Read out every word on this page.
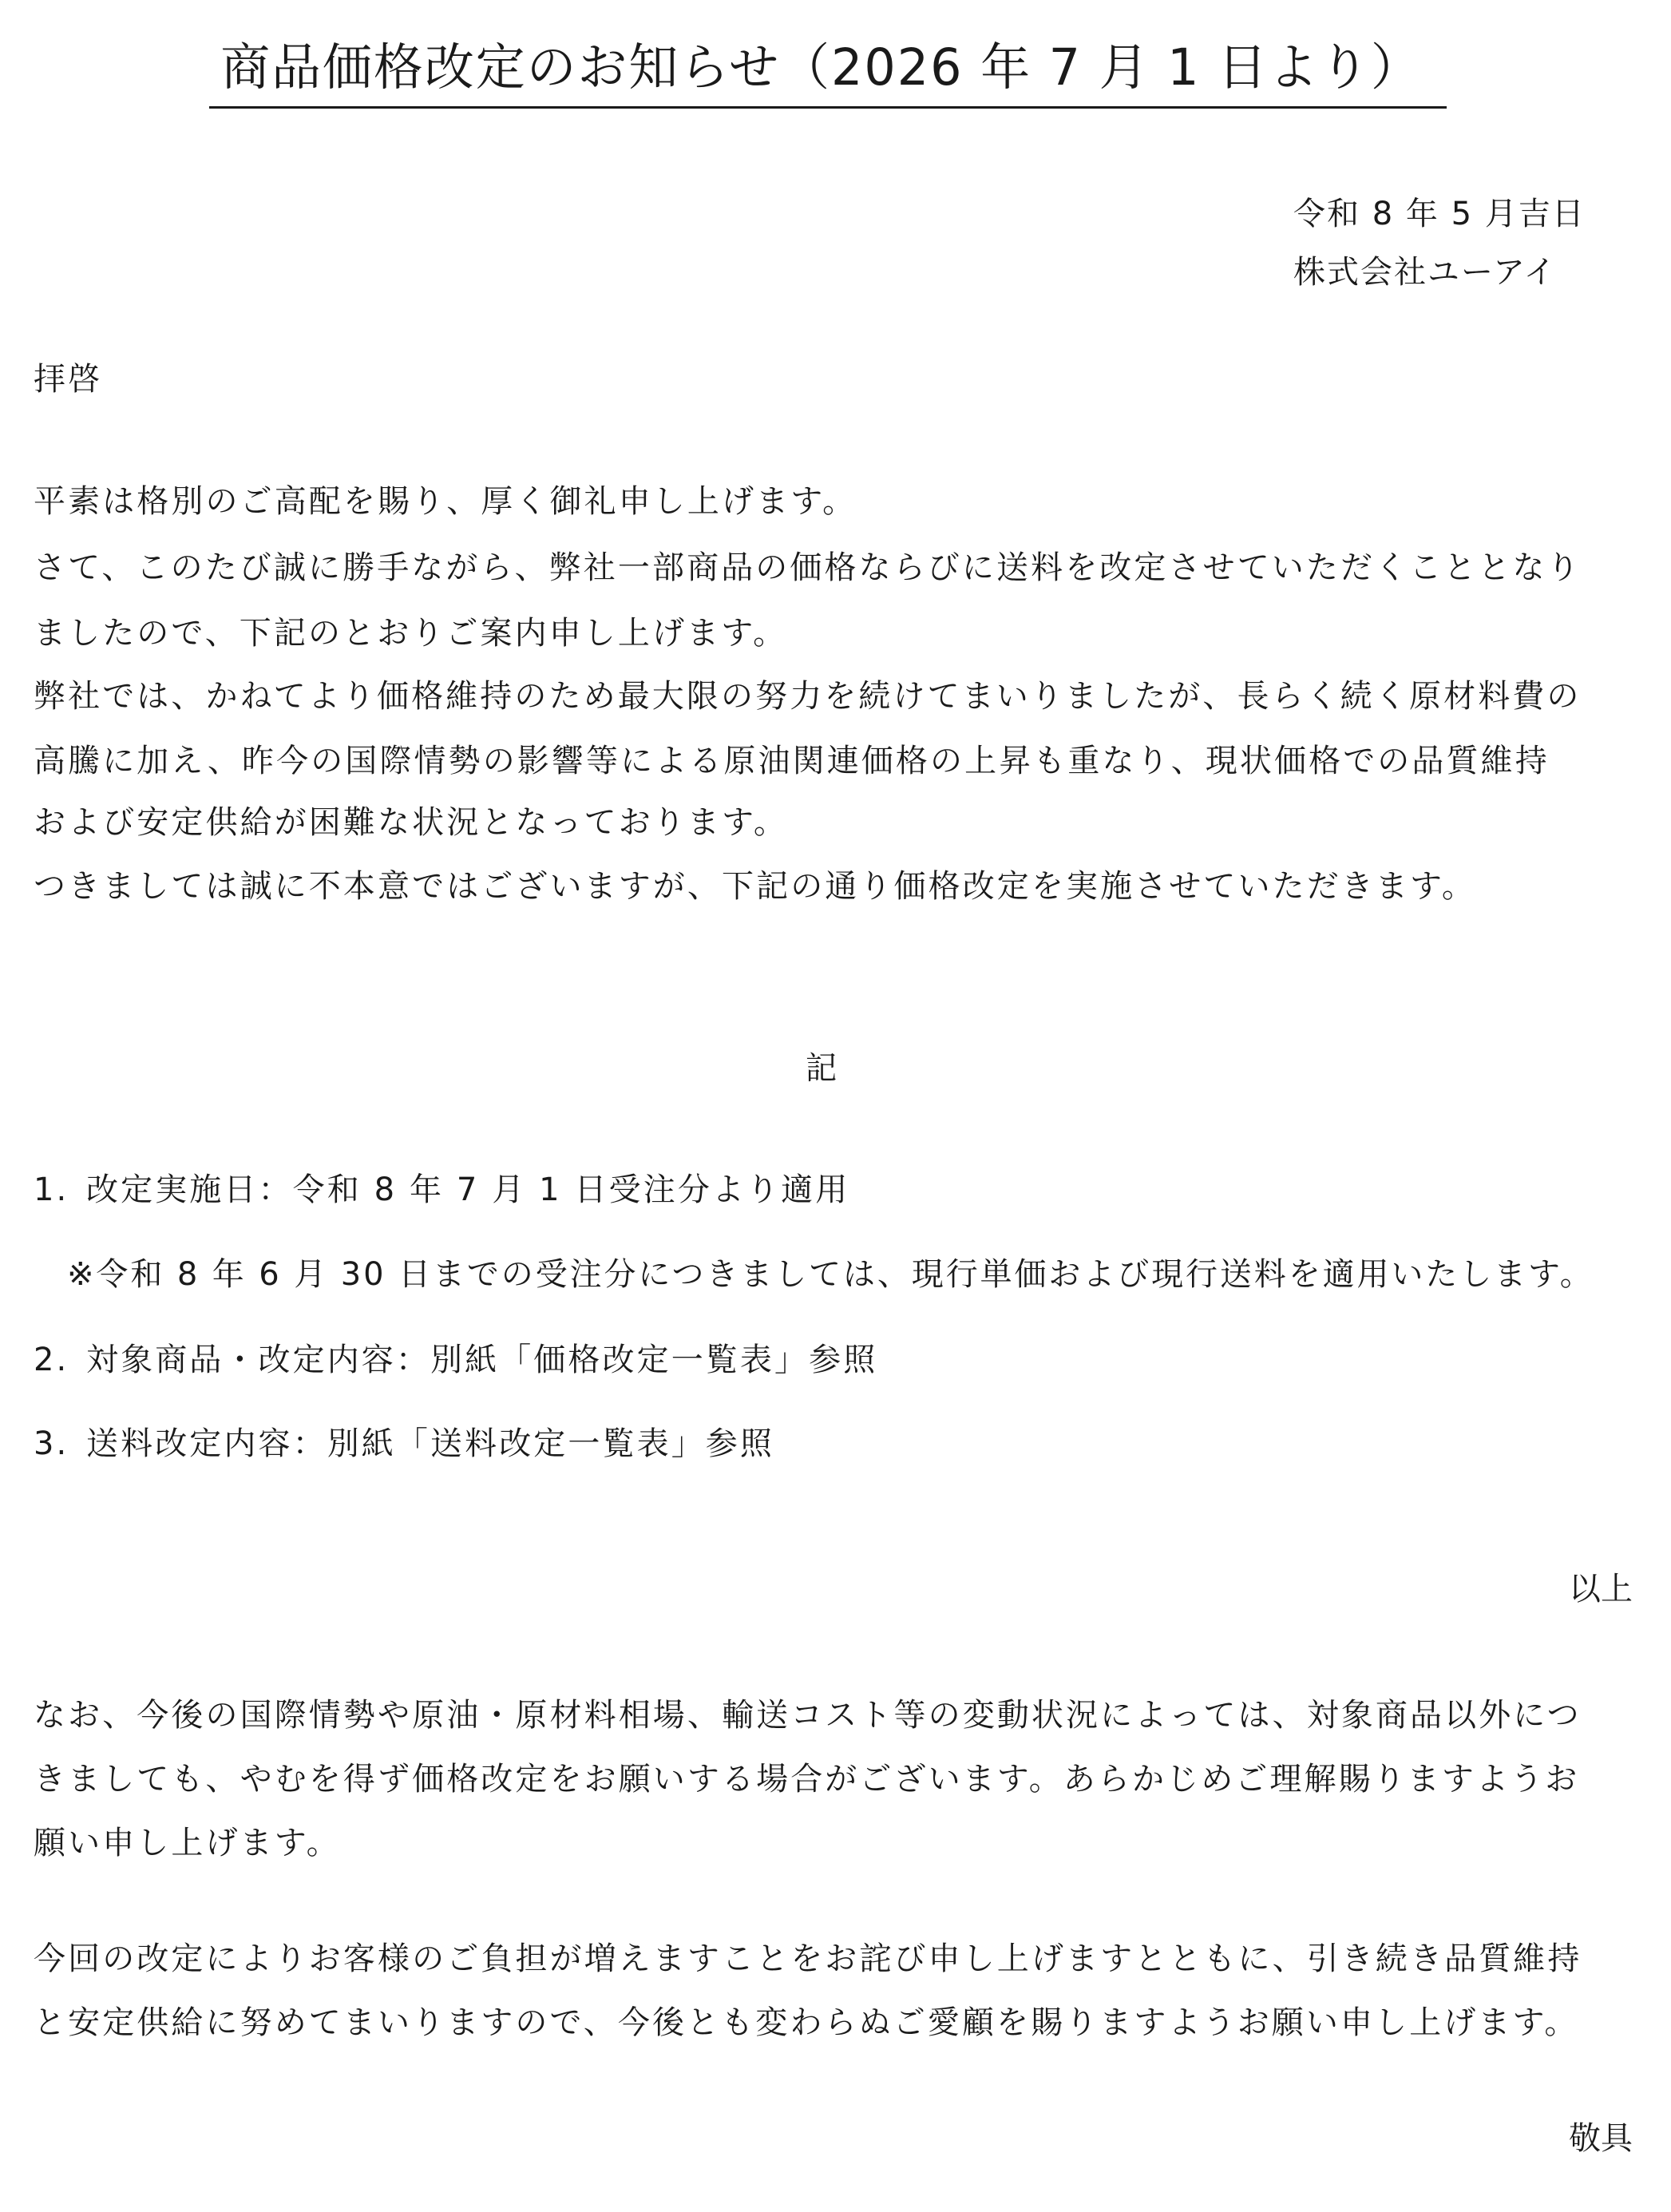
商品価格改定のお知らせ（2026 年 7 月 1 日より）

令和 8 年 5 月吉日

株式会社ユーアイ

拝啓

平素は格別のご高配を賜り、厚く御礼申し上げます。

さて、このたび誠に勝手ながら、弊社一部商品の価格ならびに送料を改定させていただくこととなり

ましたので、下記のとおりご案内申し上げます。

弊社では、かねてより価格維持のため最大限の努力を続けてまいりましたが、長らく続く原材料費の

高騰に加え、昨今の国際情勢の影響等による原油関連価格の上昇も重なり、現状価格での品質維持

および安定供給が困難な状況となっております。

つきましては誠に不本意ではございますが、下記の通り価格改定を実施させていただきます。

記

1. 改定実施日：令和 8 年 7 月 1 日受注分より適用

※令和 8 年 6 月 30 日までの受注分につきましては、現行単価および現行送料を適用いたします。

2. 対象商品・改定内容：別紙「価格改定一覧表」参照

3. 送料改定内容：別紙「送料改定一覧表」参照

以上

なお、今後の国際情勢や原油・原材料相場、輸送コスト等の変動状況によっては、対象商品以外につ

きましても、やむを得ず価格改定をお願いする場合がございます。あらかじめご理解賜りますようお

願い申し上げます。

今回の改定によりお客様のご負担が増えますことをお詫び申し上げますとともに、引き続き品質維持

と安定供給に努めてまいりますので、今後とも変わらぬご愛顧を賜りますようお願い申し上げます。

敬具
